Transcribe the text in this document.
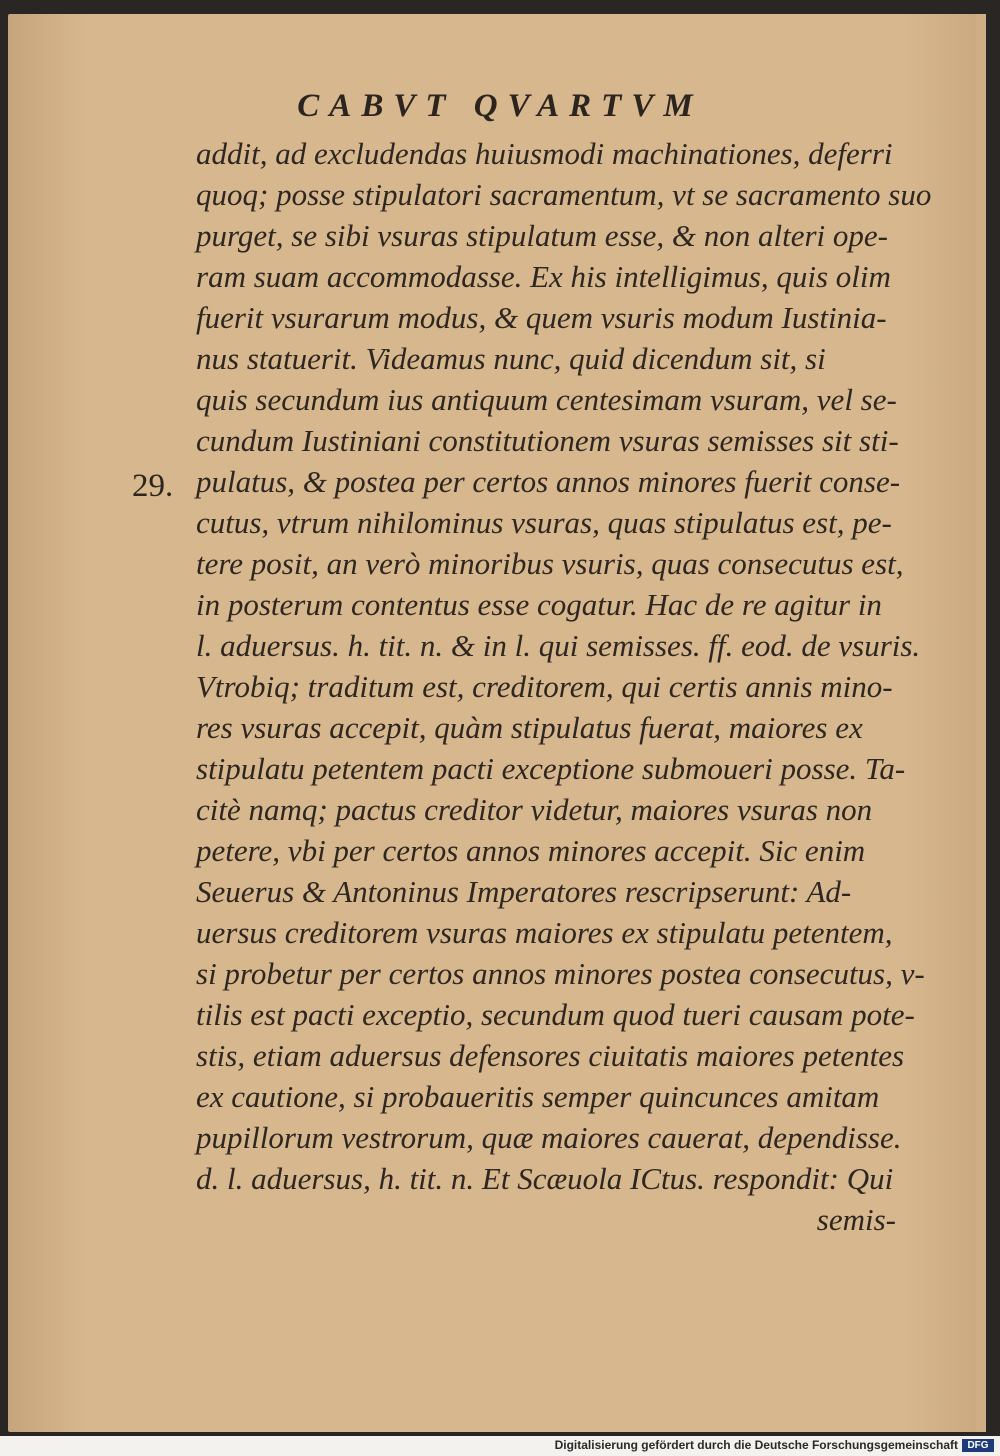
CABVT QVARTVM
29.
addit, ad excludendas huiusmodi machinationes, deferri
quoq; posse stipulatori sacramentum, vt se sacramento suo
purget, se sibi vsuras stipulatum esse, & non alteri ope-
ram suam accommodasse. Ex his intelligimus, quis olim
fuerit vsurarum modus, & quem vsuris modum Iustinia-
nus statuerit. Videamus nunc, quid dicendum sit, si
quis secundum ius antiquum centesimam vsuram, vel se-
cundum Iustiniani constitutionem vsuras semisses sit sti-
pulatus, & postea per certos annos minores fuerit conse-
cutus, vtrum nihilominus vsuras, quas stipulatus est, pe-
tere posit, an verò minoribus vsuris, quas consecutus est,
in posterum contentus esse cogatur. Hac de re agitur in
l. aduersus. h. tit. n. & in l. qui semisses. ff. eod. de vsuris.
Vtrobiq; traditum est, creditorem, qui certis annis mino-
res vsuras accepit, quàm stipulatus fuerat, maiores ex
stipulatu petentem pacti exceptione submoueri posse. Ta-
citè namq; pactus creditor videtur, maiores vsuras non
petere, vbi per certos annos minores accepit. Sic enim
Seuerus & Antoninus Imperatores rescripserunt: Ad-
uersus creditorem vsuras maiores ex stipulatu petentem,
si probetur per certos annos minores postea consecutus, v-
tilis est pacti exceptio, secundum quod tueri causam pote-
stis, etiam aduersus defensores ciuitatis maiores petentes
ex cautione, si probaueritis semper quincunces amitam
pupillorum vestrorum, quæ maiores cauerat, dependisse.
d. l. aduersus, h. tit. n. Et Scæuola ICtus. respondit: Qui
semis-
Digitalisierung gefördert durch die Deutsche Forschungsgemeinschaft DFG
